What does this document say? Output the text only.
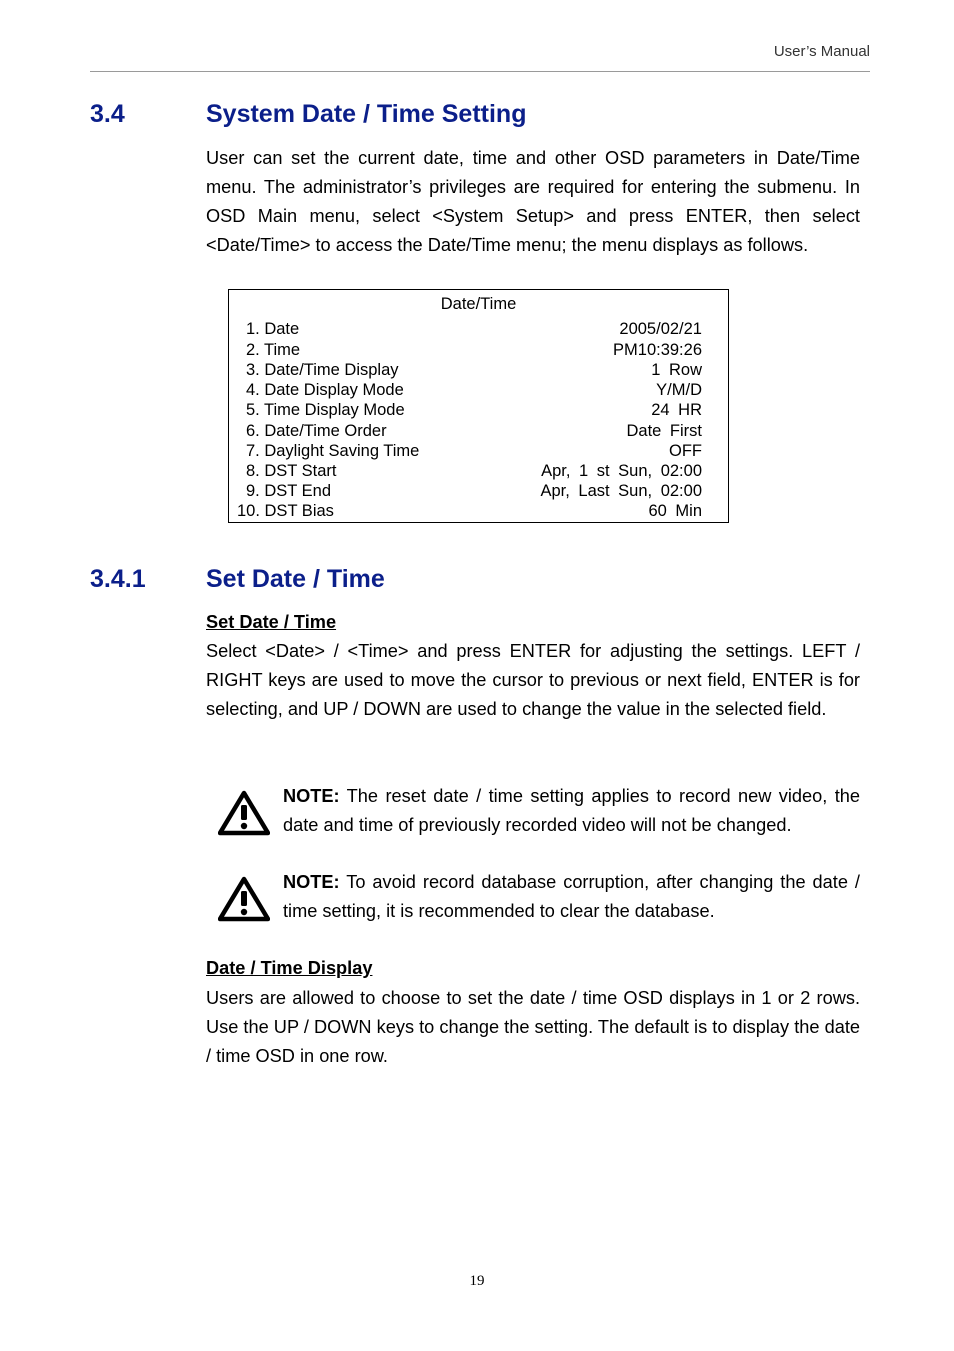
User’s Manual
3.4	System Date / Time Setting
User can set the current date, time and other OSD parameters in Date/Time menu. The administrator’s privileges are required for entering the submenu. In OSD Main menu, select <System Setup> and press ENTER, then select <Date/Time> to access the Date/Time menu; the menu displays as follows.
Date/Time
1. Date	2005/02/21
2. Time	PM10:39:26
3. Date/Time Display	1 Row
4. Date Display Mode	Y/M/D
5. Time Display Mode	24 HR
6. Date/Time Order	Date First
7. Daylight Saving Time	OFF
8. DST Start	Apr, 1 st Sun, 02:00
9. DST End	Apr, Last Sun, 02:00
10. DST Bias	60 Min
3.4.1 Set Date / Time
Set Date / Time
Select <Date> / <Time> and press ENTER for adjusting the settings. LEFT / RIGHT keys are used to move the cursor to previous or next field, ENTER is for selecting, and UP / DOWN are used to change the value in the selected field.
NOTE: The reset date / time setting applies to record new video, the date and time of previously recorded video will not be changed.
NOTE: To avoid record database corruption, after changing the date / time setting, it is recommended to clear the database.
Date / Time Display
Users are allowed to choose to set the date / time OSD displays in 1 or 2 rows. Use the UP / DOWN keys to change the setting. The default is to display the date / time OSD in one row.
19
